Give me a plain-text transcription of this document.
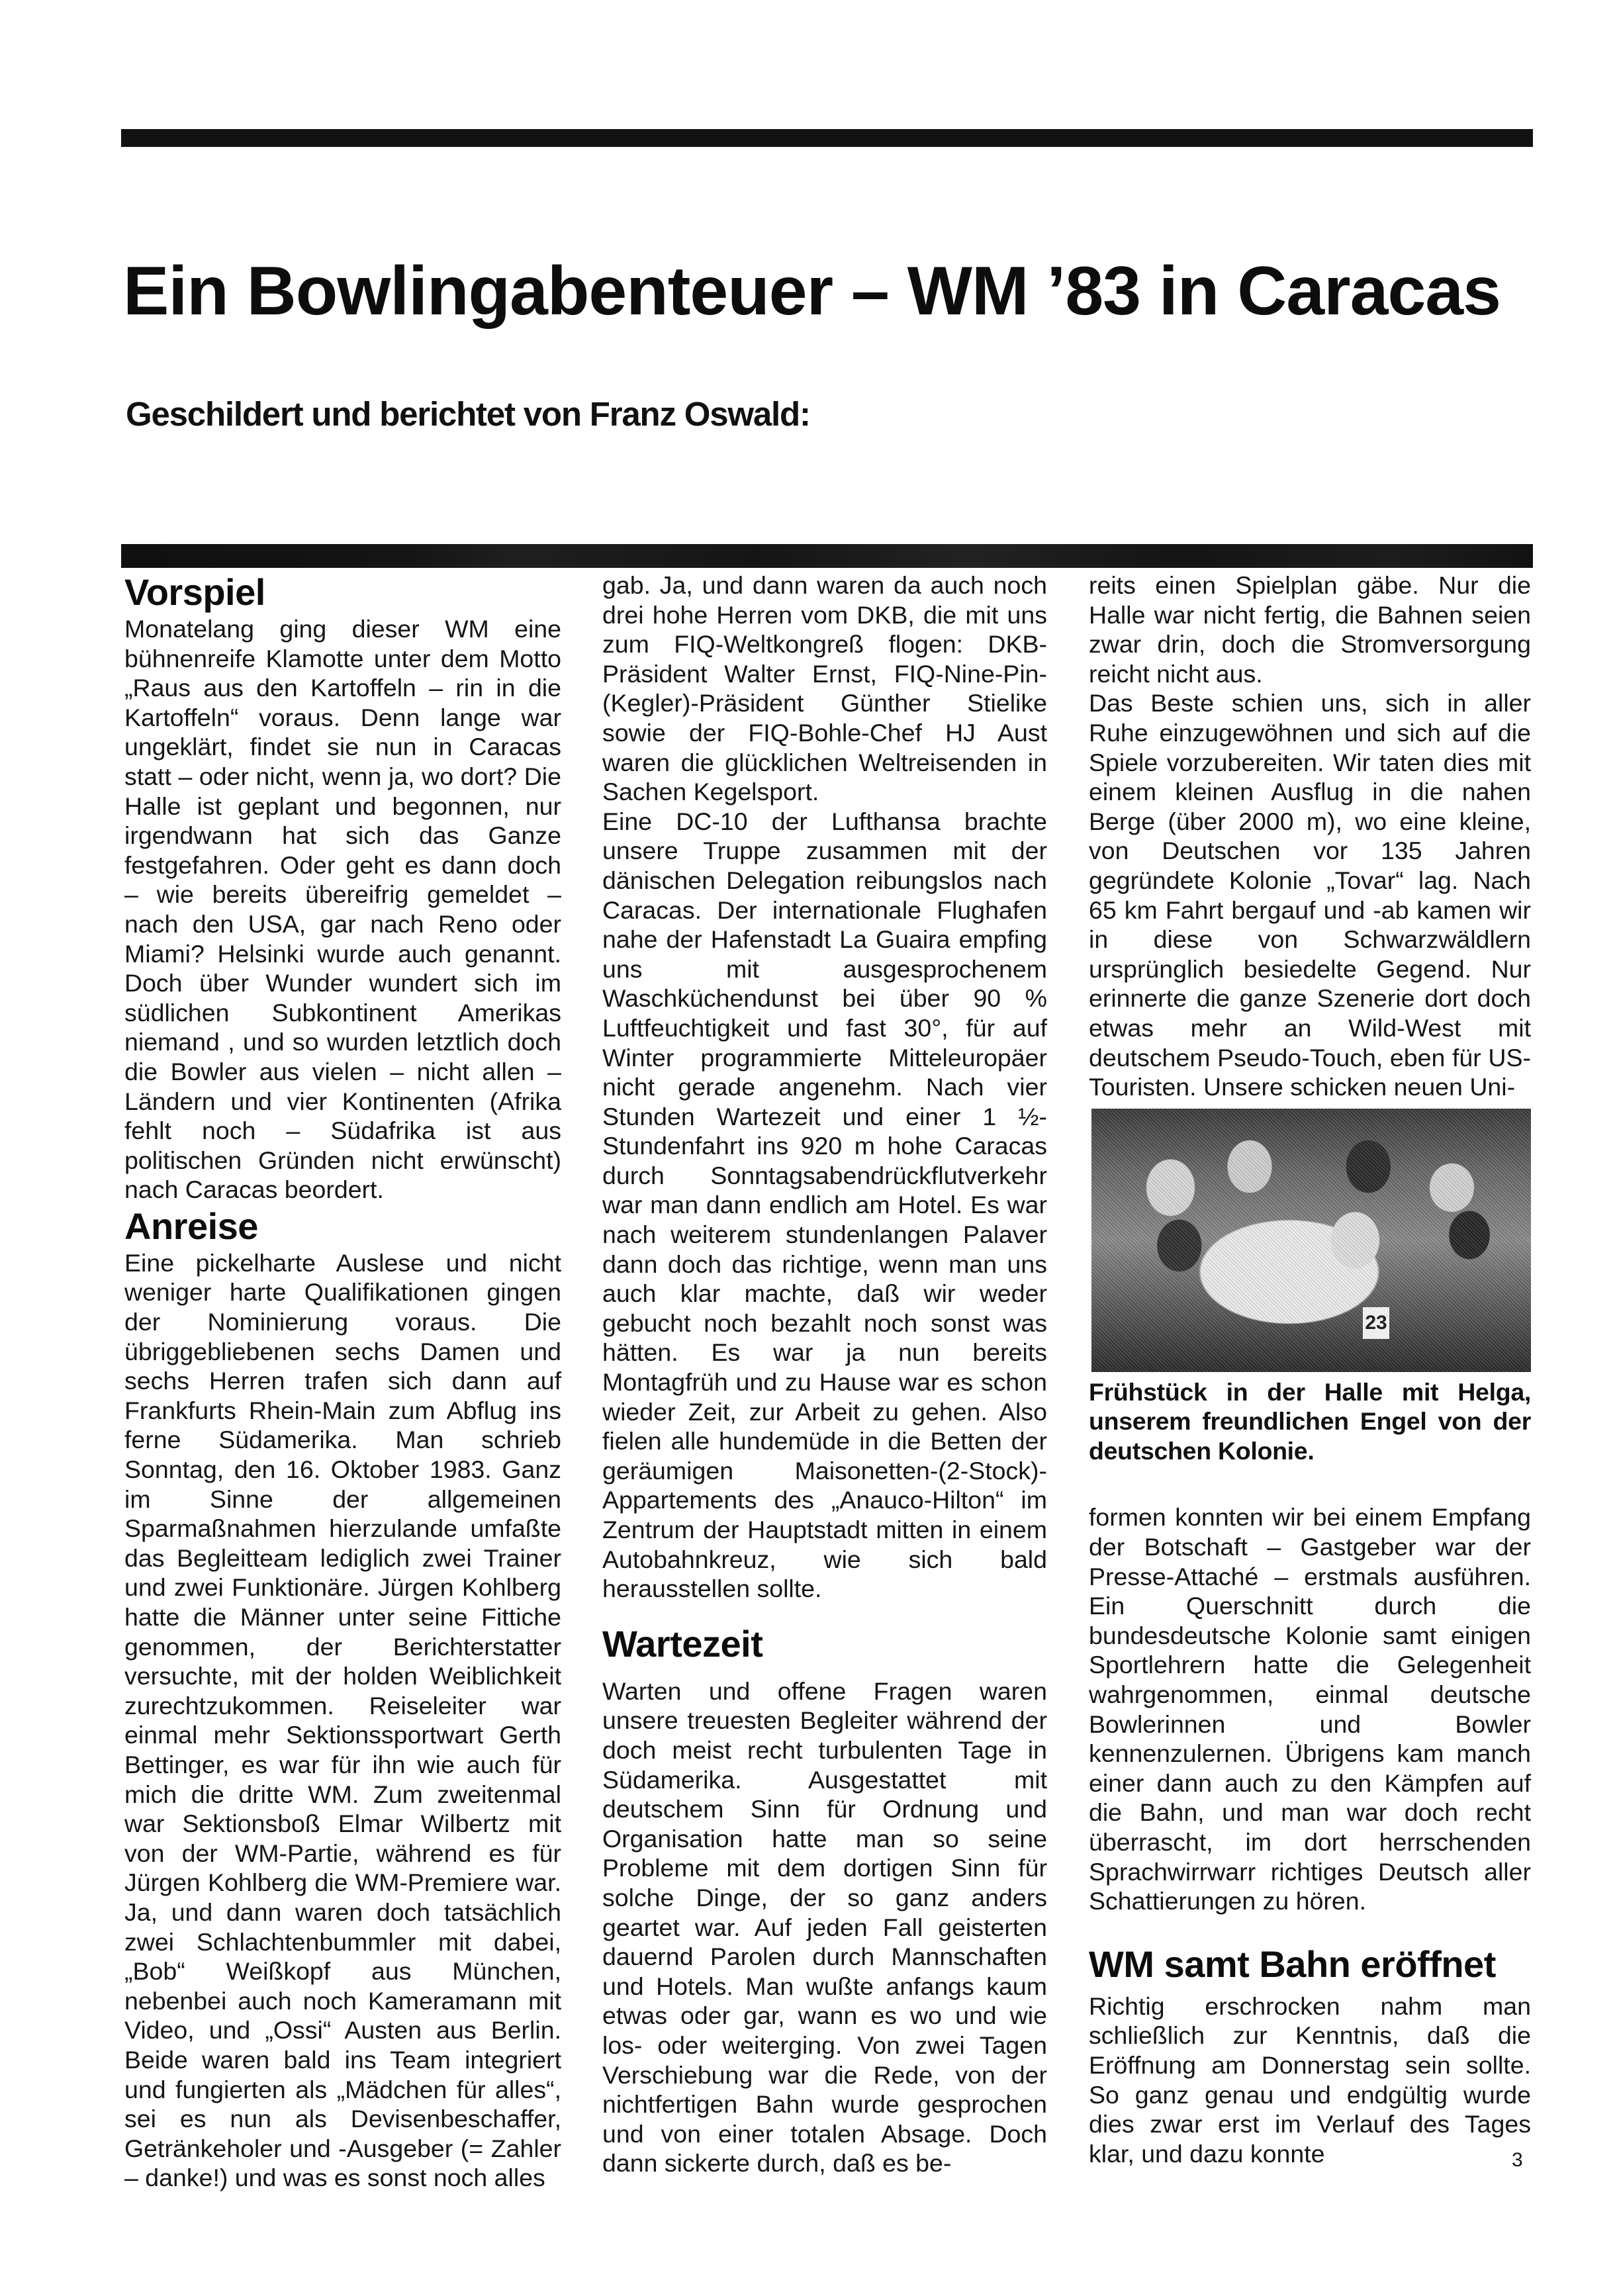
Ein Bowlingabenteuer – WM ’83 in Caracas
Geschildert und berichtet von Franz Oswald:
Vorspiel

Monatelang ging dieser WM eine bühnenreife Klamotte unter dem Motto „Raus aus den Kartoffeln – rin in die Kartoffeln“ voraus. Denn lange war ungeklärt, findet sie nun in Caracas statt – oder nicht, wenn ja, wo dort? Die Halle ist geplant und begonnen, nur irgendwann hat sich das Ganze festgefahren. Oder geht es dann doch – wie bereits übereifrig gemeldet – nach den USA, gar nach Reno oder Miami? Helsinki wurde auch genannt. Doch über Wunder wundert sich im südlichen Subkontinent Amerikas niemand , und so wurden letztlich doch die Bowler aus vielen – nicht allen – Ländern und vier Kontinenten (Afrika fehlt noch – Südafrika ist aus politischen Gründen nicht erwünscht) nach Caracas beordert.

Anreise

Eine pickelharte Auslese und nicht weniger harte Qualifikationen gingen der Nominierung voraus. Die übriggebliebenen sechs Damen und sechs Herren trafen sich dann auf Frankfurts Rhein-Main zum Abflug ins ferne Südamerika. Man schrieb Sonntag, den 16. Oktober 1983. Ganz im Sinne der allgemeinen Sparmaßnahmen hierzulande umfaßte das Begleitteam lediglich zwei Trainer und zwei Funktionäre. Jürgen Kohlberg hatte die Männer unter seine Fittiche genommen, der Berichterstatter versuchte, mit der holden Weiblichkeit zurechtzukommen. Reiseleiter war einmal mehr Sektionssportwart Gerth Bettinger, es war für ihn wie auch für mich die dritte WM. Zum zweitenmal war Sektionsboß Elmar Wilbertz mit von der WM-Partie, während es für Jürgen Kohlberg die WM-Premiere war. Ja, und dann waren doch tatsächlich zwei Schlachtenbummler mit dabei, „Bob“ Weißkopf aus München, nebenbei auch noch Kameramann mit Video, und „Ossi“ Austen aus Berlin. Beide waren bald ins Team integriert und fungierten als „Mädchen für alles“, sei es nun als Devisenbeschaffer, Getränkeholer und -Ausgeber (= Zahler – danke!) und was es sonst noch alles

gab. Ja, und dann waren da auch noch drei hohe Herren vom DKB, die mit uns zum FIQ-Weltkongreß flogen: DKB-Präsident Walter Ernst, FIQ-Nine-Pin-(Kegler)-Präsident Günther Stielike sowie der FIQ-Bohle-Chef HJ Aust waren die glücklichen Weltreisenden in Sachen Kegelsport.

Eine DC-10 der Lufthansa brachte unsere Truppe zusammen mit der dänischen Delegation reibungslos nach Caracas. Der internationale Flughafen nahe der Hafenstadt La Guaira empfing uns mit ausgesprochenem Waschküchendunst bei über 90 % Luftfeuchtigkeit und fast 30°, für auf Winter programmierte Mitteleuropäer nicht gerade angenehm. Nach vier Stunden Wartezeit und einer 1 ½-Stundenfahrt ins 920 m hohe Caracas durch Sonntagsabendrückflutverkehr war man dann endlich am Hotel. Es war nach weiterem stundenlangen Palaver dann doch das richtige, wenn man uns auch klar machte, daß wir weder gebucht noch bezahlt noch sonst was hätten. Es war ja nun bereits Montagfrüh und zu Hause war es schon wieder Zeit, zur Arbeit zu gehen. Also fielen alle hundemüde in die Betten der geräumigen Maisonetten-(2-Stock)-Appartements des „Anauco-Hilton“ im Zentrum der Hauptstadt mitten in einem Autobahnkreuz, wie sich bald herausstellen sollte.

Wartezeit

Warten und offene Fragen waren unsere treuesten Begleiter während der doch meist recht turbulenten Tage in Südamerika. Ausgestattet mit deutschem Sinn für Ordnung und Organisation hatte man so seine Probleme mit dem dortigen Sinn für solche Dinge, der so ganz anders geartet war. Auf jeden Fall geisterten dauernd Parolen durch Mannschaften und Hotels. Man wußte anfangs kaum etwas oder gar, wann es wo und wie los- oder weiterging. Von zwei Tagen Verschiebung war die Rede, von der nichtfertigen Bahn wurde gesprochen und von einer totalen Absage. Doch dann sickerte durch, daß es be-

reits einen Spielplan gäbe. Nur die Halle war nicht fertig, die Bahnen seien zwar drin, doch die Stromversorgung reicht nicht aus.

Das Beste schien uns, sich in aller Ruhe einzugewöhnen und sich auf die Spiele vorzubereiten. Wir taten dies mit einem kleinen Ausflug in die nahen Berge (über 2000 m), wo eine kleine, von Deutschen vor 135 Jahren gegründete Kolonie „Tovar“ lag. Nach 65 km Fahrt bergauf und -ab kamen wir in diese von Schwarzwäldlern ursprünglich besiedelte Gegend. Nur erinnerte die ganze Szenerie dort doch etwas mehr an Wild-West mit deutschem Pseudo-Touch, eben für US-Touristen. Unsere schicken neuen Uni-

23

Frühstück in der Halle mit Helga, unserem freundlichen Engel von der deutschen Kolonie.

formen konnten wir bei einem Empfang der Botschaft – Gastgeber war der Presse-Attaché – erstmals ausführen. Ein Querschnitt durch die bundesdeutsche Kolonie samt einigen Sportlehrern hatte die Gelegenheit wahrgenommen, einmal deutsche Bowlerinnen und Bowler kennenzulernen. Übrigens kam manch einer dann auch zu den Kämpfen auf die Bahn, und man war doch recht überrascht, im dort herrschenden Sprachwirrwarr richtiges Deutsch aller Schattierungen zu hören.

WM samt Bahn eröffnet

Richtig erschrocken nahm man schließlich zur Kenntnis, daß die Eröffnung am Donnerstag sein sollte. So ganz genau und endgültig wurde dies zwar erst im Verlauf des Tages klar, und dazu konnte	3
